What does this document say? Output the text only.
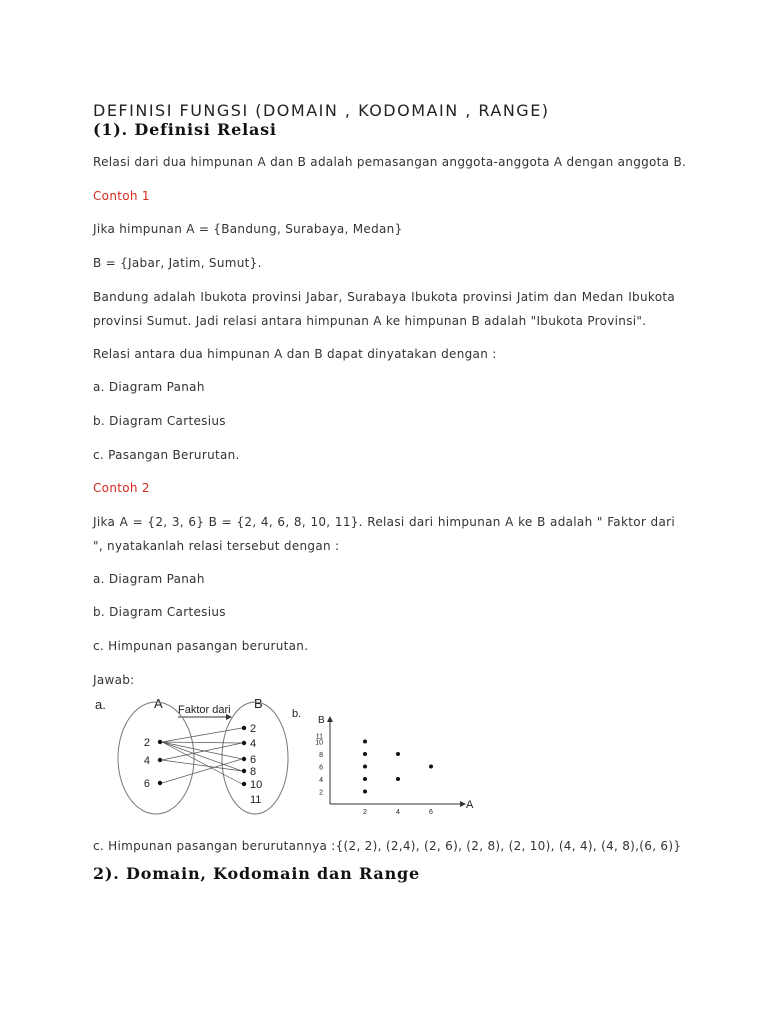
DEFINISI FUNGSI (DOMAIN , KODOMAIN , RANGE)
(1). Definisi Relasi
Relasi dari dua himpunan A dan B adalah pemasangan anggota-anggota A dengan anggota B.
Contoh 1
Jika himpunan A = {Bandung, Surabaya, Medan}
B = {Jabar, Jatim, Sumut}.
Bandung adalah Ibukota provinsi Jabar, Surabaya Ibukota provinsi Jatim dan Medan Ibukota provinsi Sumut. Jadi relasi antara himpunan A ke himpunan B adalah "Ibukota Provinsi".
Relasi antara dua himpunan A dan B dapat dinyatakan dengan :
a. Diagram Panah
b. Diagram Cartesius
c. Pasangan Berurutan.
Contoh 2
Jika A = {2, 3, 6} B = {2, 4, 6, 8, 10, 11}. Relasi dari himpunan A ke B adalah " Faktor dari ", nyatakanlah relasi tersebut dengan :
a. Diagram Panah
b. Diagram Cartesius
c. Himpunan pasangan berurutan.
Jawab:
a.	A	B
Faktor dari
2
4
6
2
4
6
8
10
11
b.
B
A
2
4
6
8
10
11
2	4	6
c. Himpunan pasangan berurutannya :{(2, 2), (2,4), (2, 6), (2, 8), (2, 10), (4, 4), (4, 8),(6, 6)}
2). Domain, Kodomain dan Range
